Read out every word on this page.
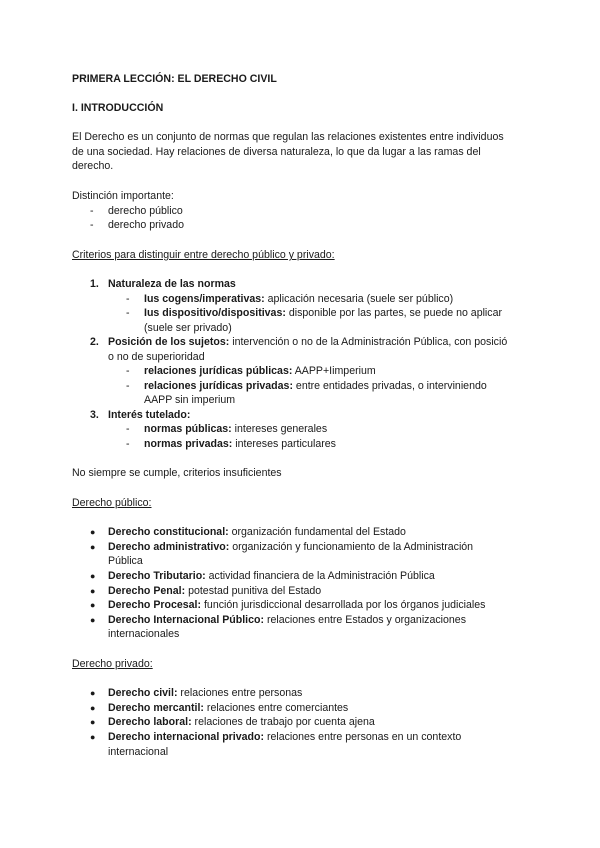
PRIMERA LECCIÓN: EL DERECHO CIVIL
I. INTRODUCCIÓN
El Derecho es un conjunto de normas que regulan las relaciones existentes entre individuos
de una sociedad. Hay relaciones de diversa naturaleza, lo que da lugar a las ramas del
derecho.
Distinción importante:
- derecho público
- derecho privado
Criterios para distinguir entre derecho público y privado:
1. Naturaleza de las normas
- Ius cogens/imperativas: aplicación necesaria (suele ser público)
- Ius dispositivo/dispositivas: disponible por las partes, se puede no aplicar
(suele ser privado)
2. Posición de los sujetos: intervención o no de la Administración Pública, con posició
o no de superioridad
- relaciones jurídicas públicas: AAPP+Iimperium
- relaciones jurídicas privadas: entre entidades privadas, o interviniendo
AAPP sin imperium
3. Interés tutelado:
- normas públicas: intereses generales
- normas privadas: intereses particulares
No siempre se cumple, criterios insuficientes
Derecho público:
● Derecho constitucional: organización fundamental del Estado
● Derecho administrativo: organización y funcionamiento de la Administración
Pública
● Derecho Tributario: actividad financiera de la Administración Pública
● Derecho Penal: potestad punitiva del Estado
● Derecho Procesal: función jurisdiccional desarrollada por los órganos judiciales
● Derecho Internacional Público: relaciones entre Estados y organizaciones
internacionales
Derecho privado:
● Derecho civil: relaciones entre personas
● Derecho mercantil: relaciones entre comerciantes
● Derecho laboral: relaciones de trabajo por cuenta ajena
● Derecho internacional privado: relaciones entre personas en un contexto
internacional
